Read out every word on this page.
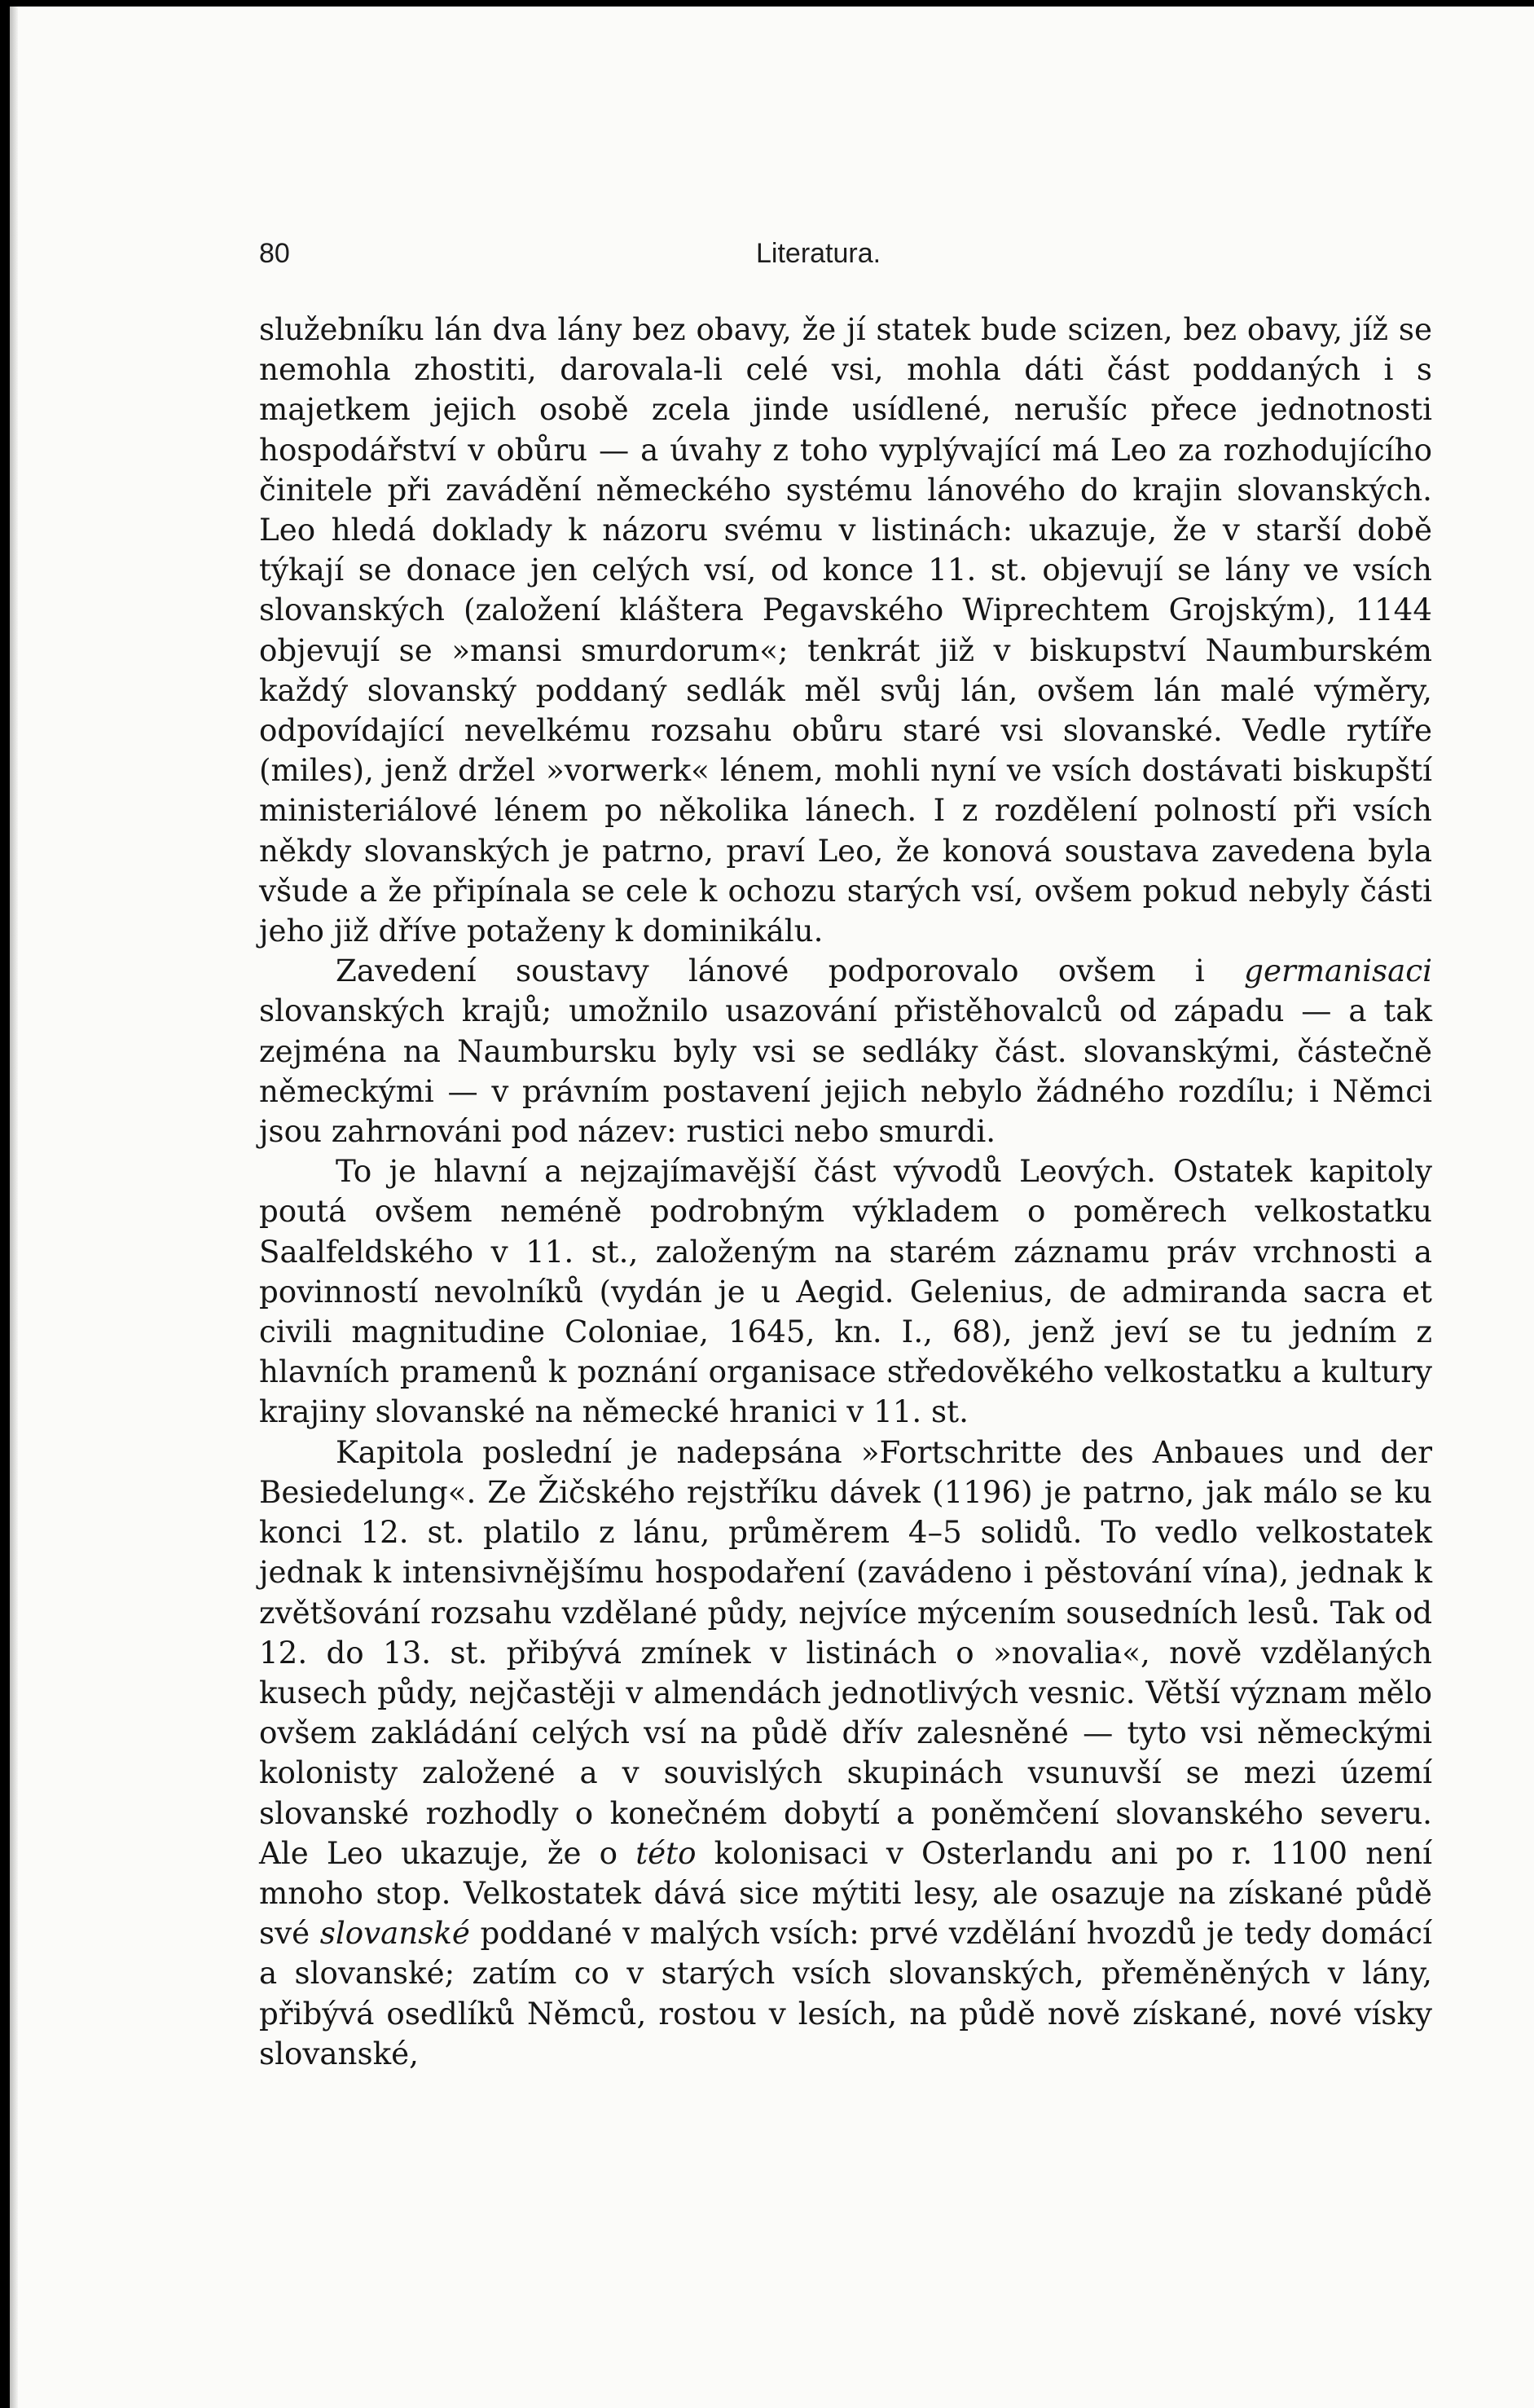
80	Literatura.

služebníku lán dva lány bez obavy, že jí statek bude scizen, bez obavy, jíž se nemohla zhostiti, darovala-li celé vsi, mohla dáti část poddaných i s majetkem jejich osobě zcela jinde usídlené, nerušíc přece jednotnosti hospodářství v obůru — a úvahy z toho vyplývající má Leo za rozhodujícího činitele při zavádění německého systému lánového do krajin slovanských. Leo hledá doklady k názoru svému v listinách: ukazuje, že v starší době týkají se donace jen celých vsí, od konce 11. st. objevují se lány ve vsích slovanských (založení kláštera Pegavského Wiprechtem Grojským), 1144 objevují se »mansi smurdorum«; tenkrát již v biskupství Naumburském každý slovanský poddaný sedlák měl svůj lán, ovšem lán malé výměry, odpovídající nevelkému rozsahu obůru staré vsi slovanské. Vedle rytíře (miles), jenž držel »vorwerk« lénem, mohli nyní ve vsích dostávati biskupští ministeriálové lénem po několika lánech. I z rozdělení polností při vsích někdy slovanských je patrno, praví Leo, že konová soustava zavedena byla všude a že připínala se cele k ochozu starých vsí, ovšem pokud nebyly části jeho již dříve potaženy k dominikálu.

Zavedení soustavy lánové podporovalo ovšem i germanisaci slovanských krajů; umožnilo usazování přistěhovalců od západu — a tak zejména na Naumbursku byly vsi se sedláky část. slovanskými, částečně německými — v právním postavení jejich nebylo žádného rozdílu; i Němci jsou zahrnováni pod název: rustici nebo smurdi.

To je hlavní a nejzajímavější část vývodů Leových. Ostatek kapitoly poutá ovšem neméně podrobným výkladem o poměrech velkostatku Saalfeldského v 11. st., založeným na starém záznamu práv vrchnosti a povinností nevolníků (vydán je u Aegid. Gelenius, de admiranda sacra et civili magnitudine Coloniae, 1645, kn. I., 68), jenž jeví se tu jedním z hlavních pramenů k poznání organisace středověkého velkostatku a kultury krajiny slovanské na německé hranici v 11. st.

Kapitola poslední je nadepsána »Fortschritte des Anbaues und der Besiedelung«. Ze Žičského rejstříku dávek (1196) je patrno, jak málo se ku konci 12. st. platilo z lánu, průměrem 4–5 solidů. To vedlo velkostatek jednak k intensivnějšímu hospodaření (zavádeno i pěstování vína), jednak k zvětšování rozsahu vzdělané půdy, nejvíce mýcením sousedních lesů. Tak od 12. do 13. st. přibývá zmínek v listinách o »novalia«, nově vzdělaných kusech půdy, nejčastěji v almendách jednotlivých vesnic. Větší význam mělo ovšem zakládání celých vsí na půdě dřív zalesněné — tyto vsi německými kolonisty založené a v souvislých skupinách vsunuvší se mezi území slovanské rozhodly o konečném dobytí a poněmčení slovanského severu. Ale Leo ukazuje, že o této kolonisaci v Osterlandu ani po r. 1100 není mnoho stop. Velkostatek dává sice mýtiti lesy, ale osazuje na získané půdě své slovanské poddané v malých vsích: prvé vzdělání hvozdů je tedy domácí a slovanské; zatím co v starých vsích slovanských, přeměněných v lány, přibývá osedlíků Němců, rostou v lesích, na půdě nově získané, nové vísky slovanské,
